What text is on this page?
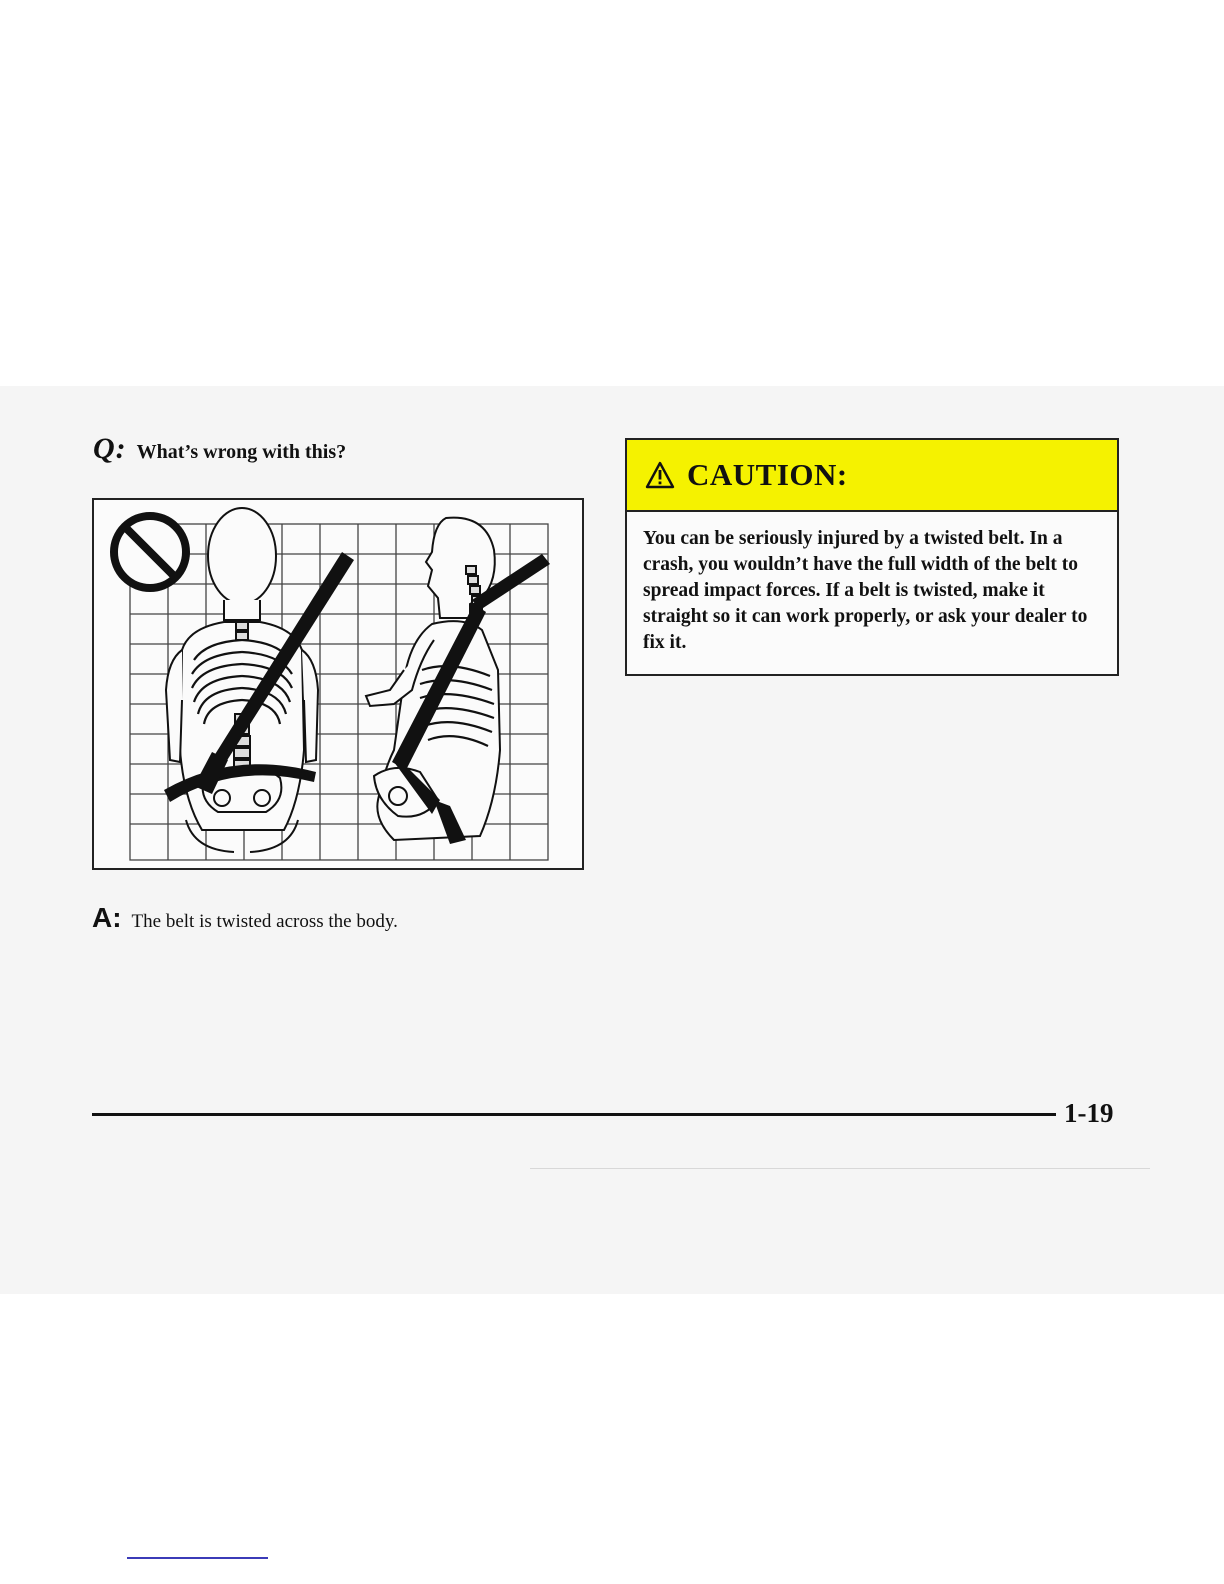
Q: What’s wrong with this?
A: The belt is twisted across the body.
CAUTION:
You can be seriously injured by a twisted belt. In a crash, you wouldn’t have the full width of the belt to spread impact forces. If a belt is twisted, make it straight so it can work properly, or ask your dealer to fix it.
1-19
